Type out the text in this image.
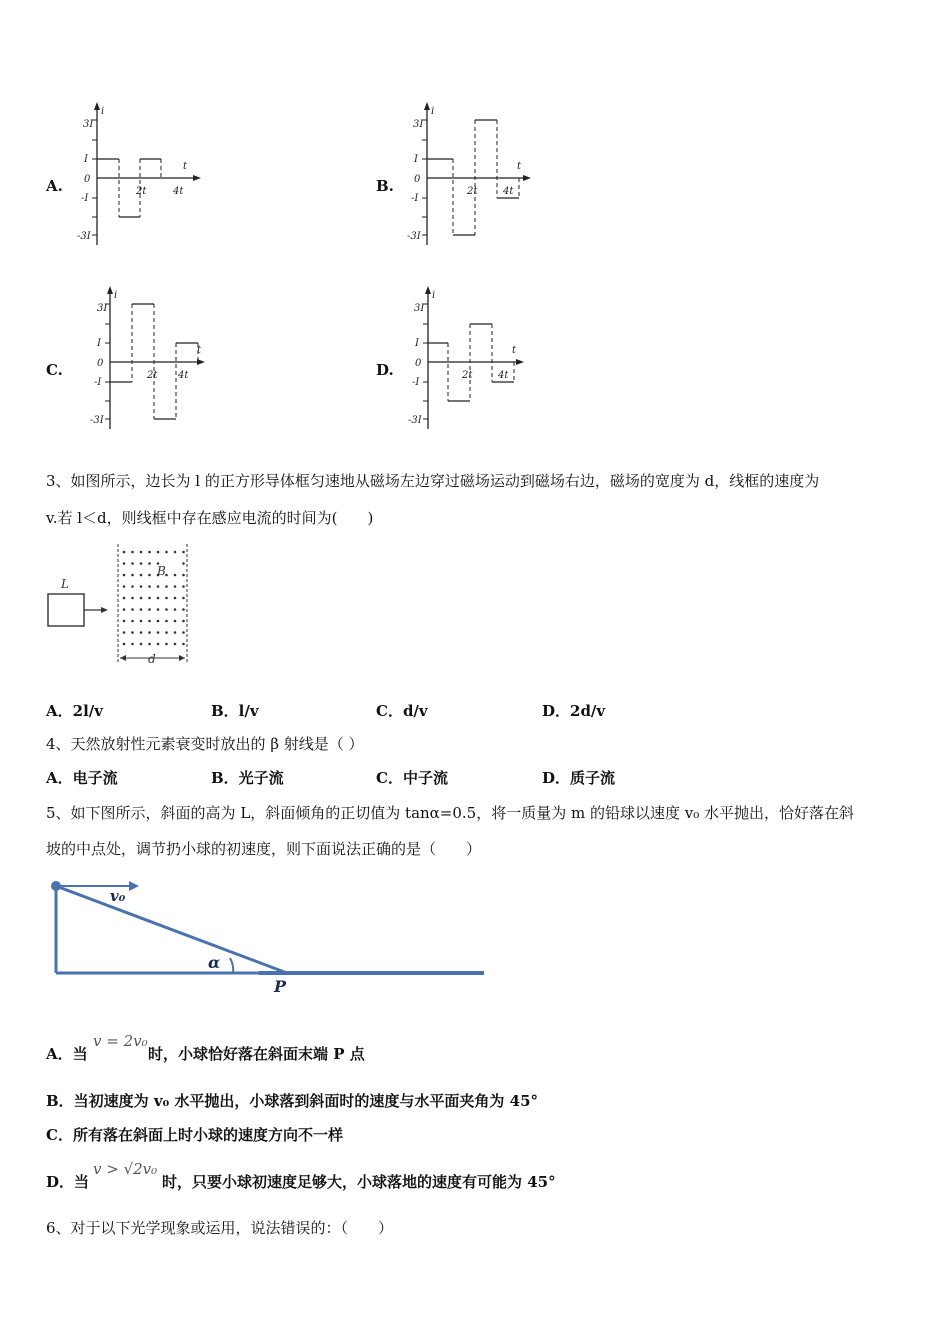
A.	B.
C.	D.
i
3I
I
0
-I
-3I
t
2t	4t
i
3I
I
0
-I
-3I
t
2t	4t
i
3I
I
0
-I
-3I
t
2t 4t
i
3I
I
0
-I
-3I
t
2t	4t
3、如图所示，边长为 l 的正方形导体框匀速地从磁场左边穿过磁场运动到磁场右边，磁场的宽度为 d，线框的速度为
v.若 l＜d，则线框中存在感应电流的时间为(　　)
L
B
d
A．2l/v	B．l/v	C．d/v	D．2d/v
4、天然放射性元素衰变时放出的 β 射线是（ ）
A．电子流	B．光子流	C．中子流	D．质子流
5、如下图所示，斜面的高为 L，斜面倾角的正切值为 tanα=0.5，将一质量为 m 的铅球以速度 v₀ 水平抛出，恰好落在斜
坡的中点处，调节扔小球的初速度，则下面说法正确的是（　　）
v₀
α
P
A．当
v = 2v₀
时，小球恰好落在斜面末端 P 点
B．当初速度为 v₀ 水平抛出，小球落到斜面时的速度与水平面夹角为 45°
C．所有落在斜面上时小球的速度方向不一样
D．当
v > √2v₀
时，只要小球初速度足够大，小球落地的速度有可能为 45°
6、对于以下光学现象或运用，说法错误的：（　　）
